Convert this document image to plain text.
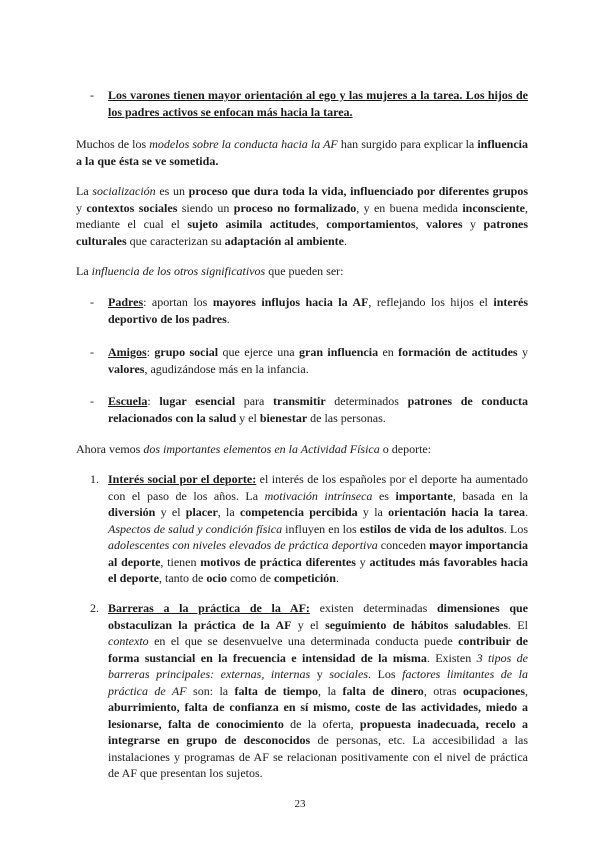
- Los varones tienen mayor orientación al ego y las mujeres a la tarea. Los hijos de los padres activos se enfocan más hacia la tarea.

Muchos de los modelos sobre la conducta hacia la AF han surgido para explicar la influencia a la que ésta se ve sometida.

La socialización es un proceso que dura toda la vida, influenciado por diferentes grupos y contextos sociales siendo un proceso no formalizado, y en buena medida inconsciente, mediante el cual el sujeto asimila actitudes, comportamientos, valores y patrones culturales que caracterizan su adaptación al ambiente.

La influencia de los otros significativos que pueden ser:

- Padres: aportan los mayores influjos hacia la AF, reflejando los hijos el interés deportivo de los padres.

- Amigos: grupo social que ejerce una gran influencia en formación de actitudes y valores, agudizándose más en la infancia.

- Escuela: lugar esencial para transmitir determinados patrones de conducta relacionados con la salud y el bienestar de las personas.

Ahora vemos dos importantes elementos en la Actividad Física o deporte:

1. Interés social por el deporte: el interés de los españoles por el deporte ha aumentado con el paso de los años. La motivación intrínseca es importante, basada en la diversión y el placer, la competencia percibida y la orientación hacia la tarea. Aspectos de salud y condición física influyen en los estilos de vida de los adultos. Los adolescentes con niveles elevados de práctica deportiva conceden mayor importancia al deporte, tienen motivos de práctica diferentes y actitudes más favorables hacia el deporte, tanto de ocio como de competición.

2. Barreras a la práctica de la AF: existen determinadas dimensiones que obstaculizan la práctica de la AF y el seguimiento de hábitos saludables. El contexto en el que se desenvuelve una determinada conducta puede contribuir de forma sustancial en la frecuencia e intensidad de la misma. Existen 3 tipos de barreras principales: externas, internas y sociales. Los factores limitantes de la práctica de AF son: la falta de tiempo, la falta de dinero, otras ocupaciones, aburrimiento, falta de confianza en sí mismo, coste de las actividades, miedo a lesionarse, falta de conocimiento de la oferta, propuesta inadecuada, recelo a integrarse en grupo de desconocidos de personas, etc. La accesibilidad a las instalaciones y programas de AF se relacionan positivamente con el nivel de práctica de AF que presentan los sujetos.

23
